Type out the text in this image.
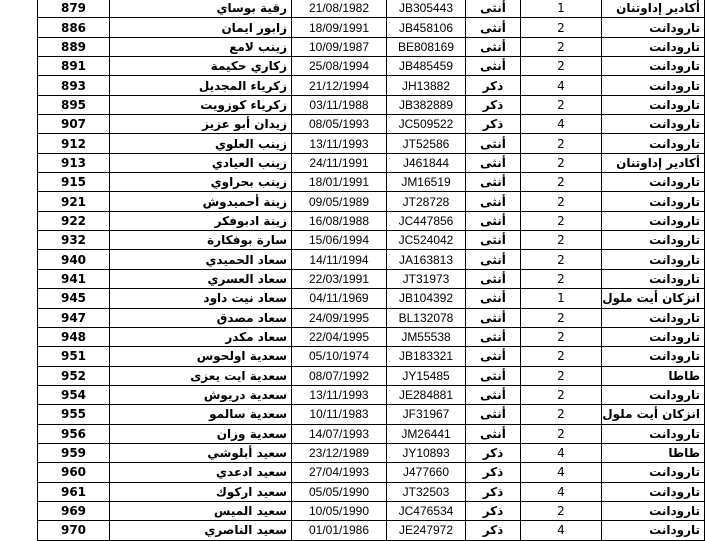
879	رقية بوساي	21/08/1982	JB305443	أنثى	1	أكادير إداوتنان
886	زابور ايمان	18/09/1991	JB458106	أنثى	2	تارودانت
889	زينب لامع	10/09/1987	BE808169	أنثى	2	تارودانت
891	زكاري حكيمة	25/08/1994	JB485459	أنثى	2	تارودانت
893	زكرياء المجديل	21/12/1994	JH13882	ذكر	4	تارودانت
895	زكرياء كوزويت	03/11/1988	JB382889	ذكر	2	تارودانت
907	زيدان أبو عزيز	08/05/1993	JC509522	ذكر	4	تارودانت
912	زينب العلوي	13/11/1993	JT52586	أنثى	2	تارودانت
913	زينب العيادي	24/11/1991	J461844	أنثى	2	أكادير إداوتنان
915	زينب بحراوي	18/01/1991	JM16519	أنثى	2	تارودانت
921	زينة أحميدوش	09/05/1989	JT28728	أنثى	2	تارودانت
922	زينة ادبوفكر	16/08/1988	JC447856	أنثى	2	تارودانت
932	سارة بوفكارة	15/06/1994	JC524042	أنثى	2	تارودانت
940	سعاد الحميدي	14/11/1994	JA163813	أنثى	2	تارودانت
941	سعاد العسري	22/03/1991	JT31973	أنثى	2	تارودانت
945	سعاد نيت داود	04/11/1969	JB104392	أنثى	1	انزكان أيت ملول
947	سعاد مصدق	24/09/1995	BL132078	أنثى	2	تارودانت
948	سعاد مكدر	22/04/1995	JM55538	أنثى	2	تارودانت
951	سعدية اولحوس	05/10/1974	JB183321	أنثى	2	تارودانت
952	سعدية ايت يعزى	08/07/1992	JY15485	أنثى	2	طاطا
954	سعدية دريوش	13/11/1993	JE284881	أنثى	2	تارودانت
955	سعدية سالمو	10/11/1983	JF31967	أنثى	2	انزكان أيت ملول
956	سعدية وزان	14/07/1993	JM26441	أنثى	2	تارودانت
959	سعيد أبلوشي	23/12/1989	JY10893	ذكر	4	طاطا
960	سعيد ادعدي	27/04/1993	J477660	ذكر	4	تارودانت
961	سعيد اركوك	05/05/1990	JT32503	ذكر	4	تارودانت
969	سعيد الميس	10/05/1990	JC476534	ذكر	2	تارودانت
970	سعيد الناصري	01/01/1986	JE247972	ذكر	4	تارودانت
